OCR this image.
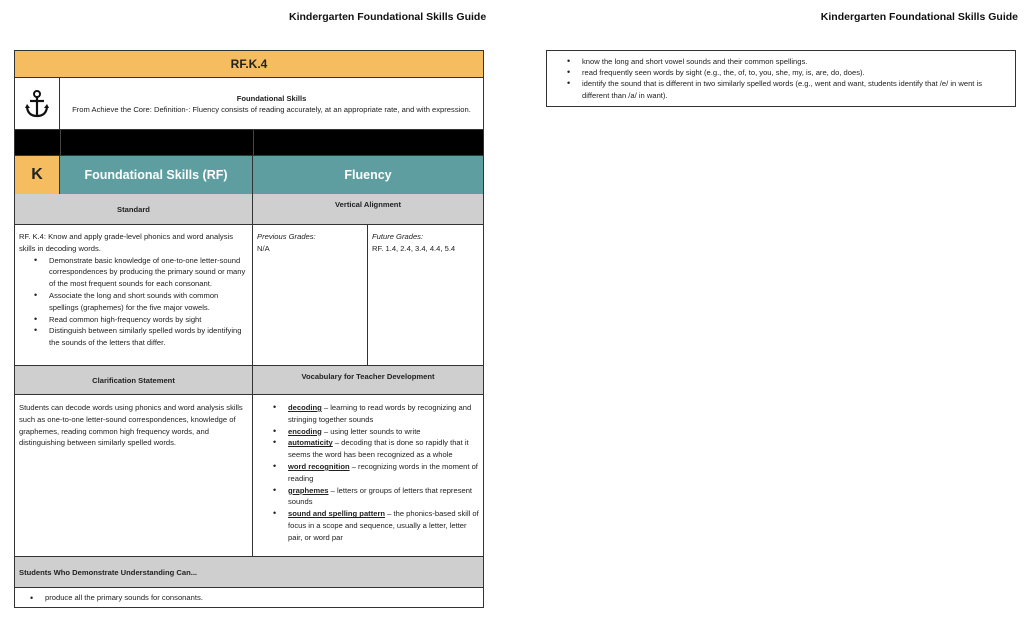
Kindergarten Foundational Skills Guide	Kindergarten Foundational Skills Guide
RF.K.4
Foundational Skills
From Achieve the Core: Definition-: Fluency consists of reading accurately, at an appropriate rate, and with expression.
K	Foundational Skills (RF)	Fluency
Standard	Vertical Alignment
RF. K.4: Know and apply grade-level phonics and word analysis skills in decoding words.
• Demonstrate basic knowledge of one-to-one letter-sound correspondences by producing the primary sound or many of the most frequent sounds for each consonant.
• Associate the long and short sounds with common spellings (graphemes) for the five major vowels.
• Read common high-frequency words by sight
• Distinguish between similarly spelled words by identifying the sounds of the letters that differ.
Previous Grades:
N/A
Future Grades:
RF. 1.4, 2.4, 3.4, 4.4, 5.4
Clarification Statement	Vocabulary for Teacher Development
Students can decode words using phonics and word analysis skills such as one-to-one letter-sound correspondences, knowledge of graphemes, reading common high frequency words, and distinguishing between similarly spelled words.
• decoding – learning to read words by recognizing and stringing together sounds
• encoding – using letter sounds to write
• automaticity – decoding that is done so rapidly that it seems the word has been recognized as a whole
• word recognition – recognizing words in the moment of reading
• graphemes – letters or groups of letters that represent sounds
• sound and spelling pattern – the phonics-based skill of focus in a scope and sequence, usually a letter, letter pair, or word par
Students Who Demonstrate Understanding Can...
• produce all the primary sounds for consonants.
• know the long and short vowel sounds and their common spellings.
• read frequently seen words by sight (e.g., the, of, to, you, she, my, is, are, do, does).
• identify the sound that is different in two similarly spelled words (e.g., went and want, students identify that /e/ in went is different than /a/ in want).
